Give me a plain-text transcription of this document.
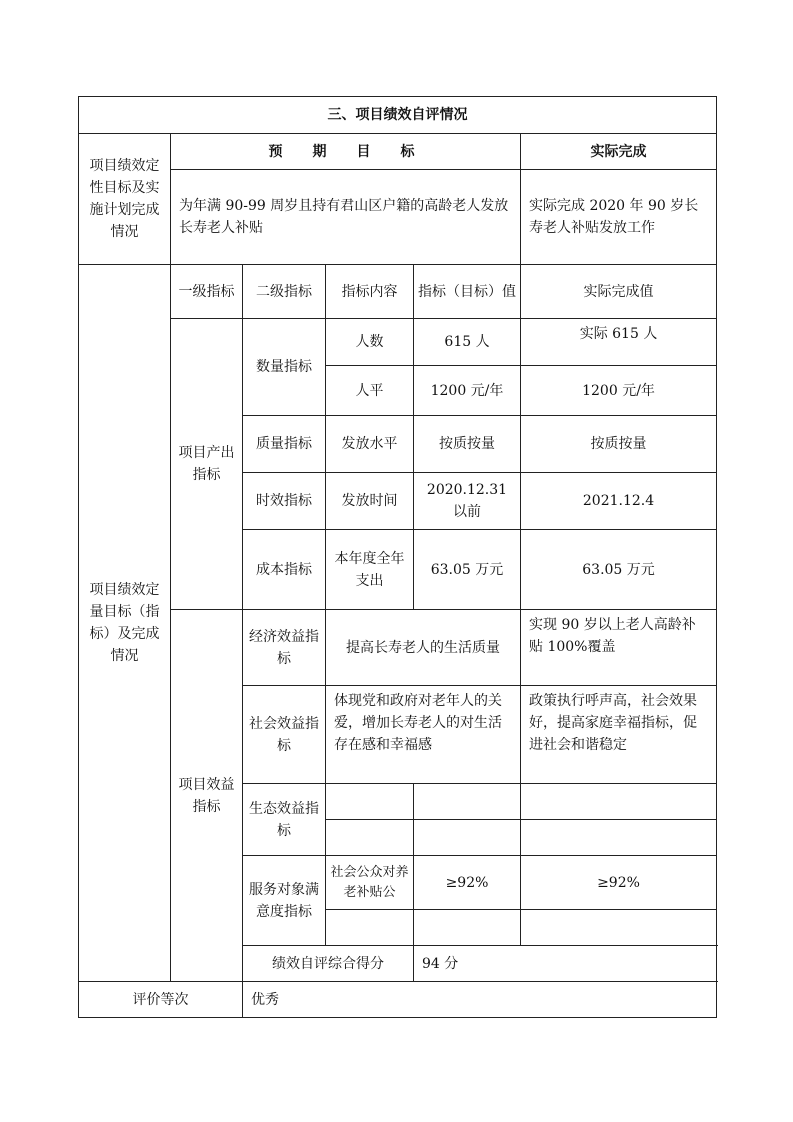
三、项目绩效自评情况					
项目绩效定性目标及实施计划完成情况	预　期　目　标				实际完成
	为年满 90-99 周岁且持有君山区户籍的高龄老人发放长寿老人补贴				实际完成 2020 年 90 岁长寿老人补贴发放工作
项目绩效定量目标（指标）及完成情况	一级指标	二级指标	指标内容	指标（目标）值	实际完成值
	项目产出指标	数量指标	人数	615 人	实际 615 人
			人平	1200 元/年	1200 元/年
		质量指标	发放水平	按质按量	按质按量
		时效指标	发放时间	2020.12.31 以前	2021.12.4
		成本指标	本年度全年支出	63.05 万元	63.05 万元
	项目效益指标	经济效益指标	提高长寿老人的生活质量		实现 90 岁以上老人高龄补贴 100%覆盖
		社会效益指标	体现党和政府对老年人的关爱，增加长寿老人的对生活存在感和幸福感		政策执行呼声高，社会效果好，提高家庭幸福指标，促进社会和谐稳定
		生态效益指标			

		服务对象满意度指标	社会公众对养老补贴公	≥92%	≥92%

		绩效自评综合得分		94 分	
评价等次		优秀			
